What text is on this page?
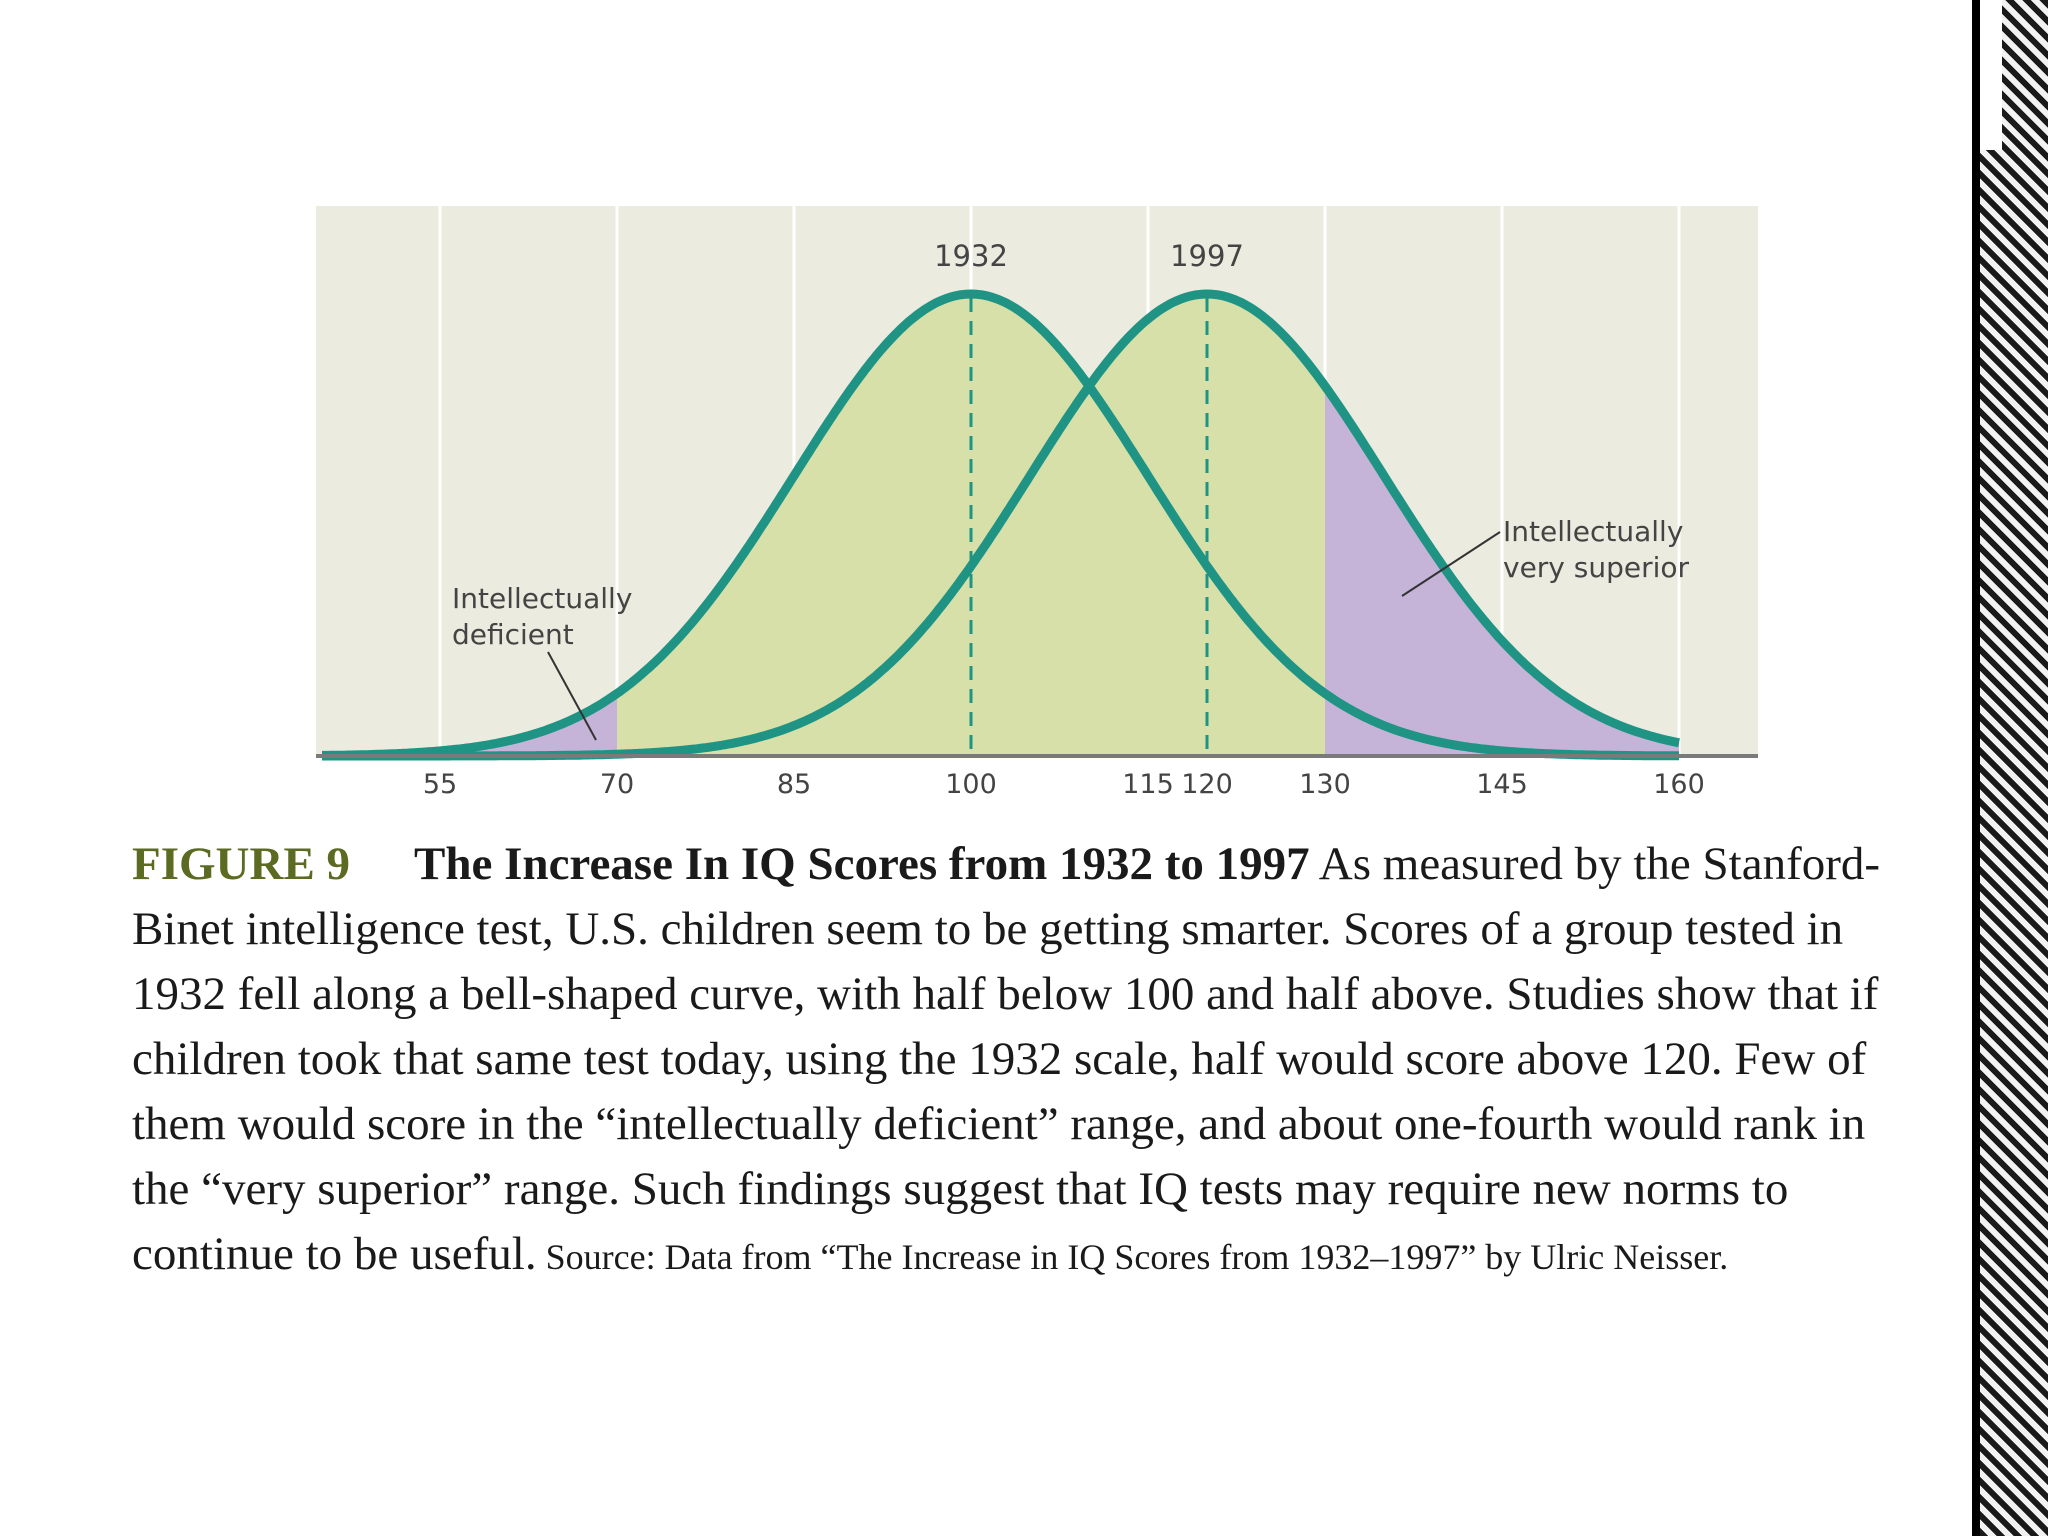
55	70	85	100	115 120 130	145	160
1932	1997
Intellectually
deficient
Intellectually
very superior
FIGURE 9 The Increase In IQ Scores from 1932 to 1997 As measured by the Stanford-Binet intelligence test, U.S. children seem to be getting smarter. Scores of a group tested in 1932 fell along a bell-shaped curve, with half below 100 and half above. Studies show that if children took that same test today, using the 1932 scale, half would score above 120. Few of them would score in the “intellectually deficient” range, and about one-fourth would rank in the “very superior” range. Such findings suggest that IQ tests may require new norms to continue to be useful. Source: Data from “The Increase in IQ Scores from 1932–1997” by Ulric Neisser.
